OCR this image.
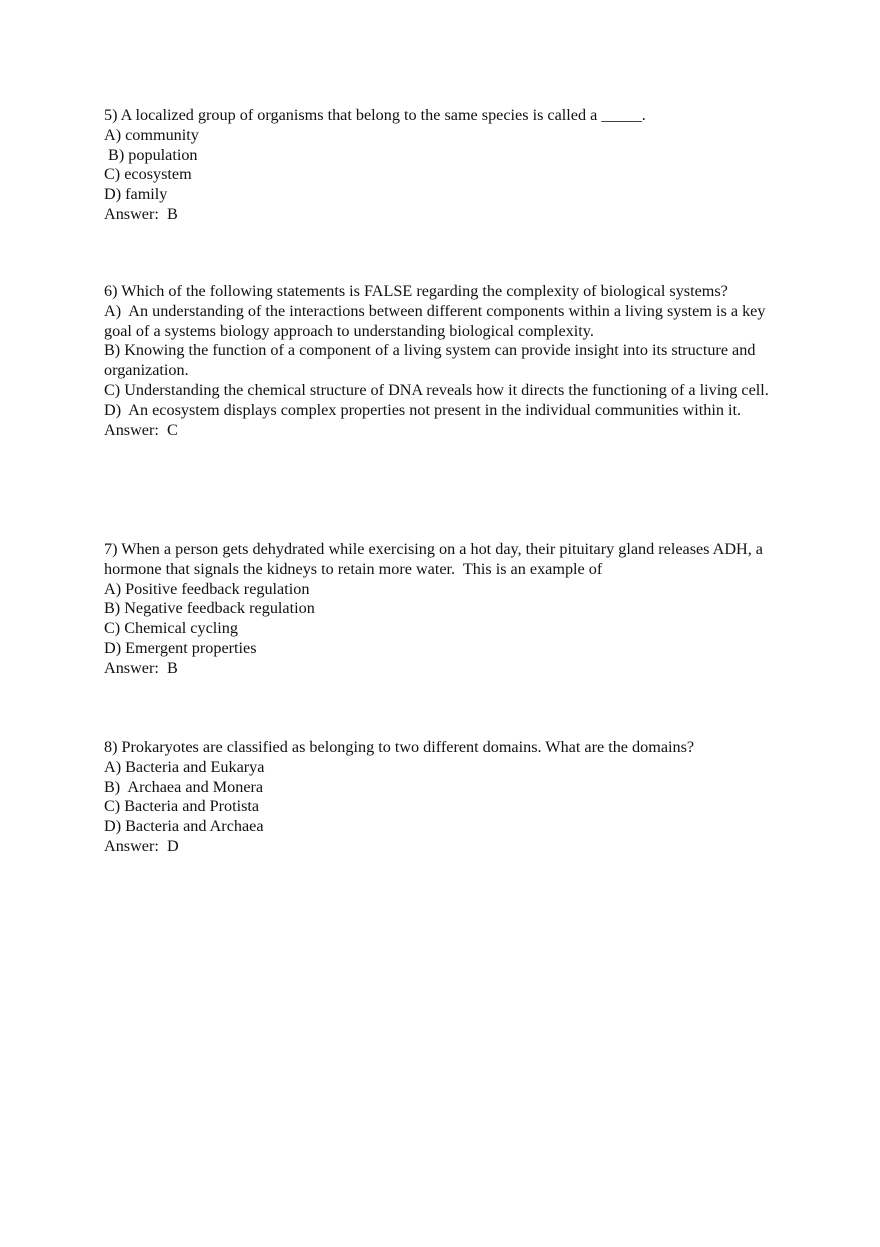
5) A localized group of organisms that belong to the same species is called a _____.
A) community
B) population
C) ecosystem
D) family
Answer:  B
6) Which of the following statements is FALSE regarding the complexity of biological systems?
A)  An understanding of the interactions between different components within a living system is a key goal of a systems biology approach to understanding biological complexity.
B) Knowing the function of a component of a living system can provide insight into its structure and organization.
C) Understanding the chemical structure of DNA reveals how it directs the functioning of a living cell.
D)  An ecosystem displays complex properties not present in the individual communities within it.
Answer:  C
7) When a person gets dehydrated while exercising on a hot day, their pituitary gland releases ADH, a hormone that signals the kidneys to retain more water.  This is an example of
A) Positive feedback regulation
B) Negative feedback regulation
C) Chemical cycling
D) Emergent properties
Answer:  B
8) Prokaryotes are classified as belonging to two different domains. What are the domains?
A) Bacteria and Eukarya
B)  Archaea and Monera
C) Bacteria and Protista
D) Bacteria and Archaea
Answer:  D
